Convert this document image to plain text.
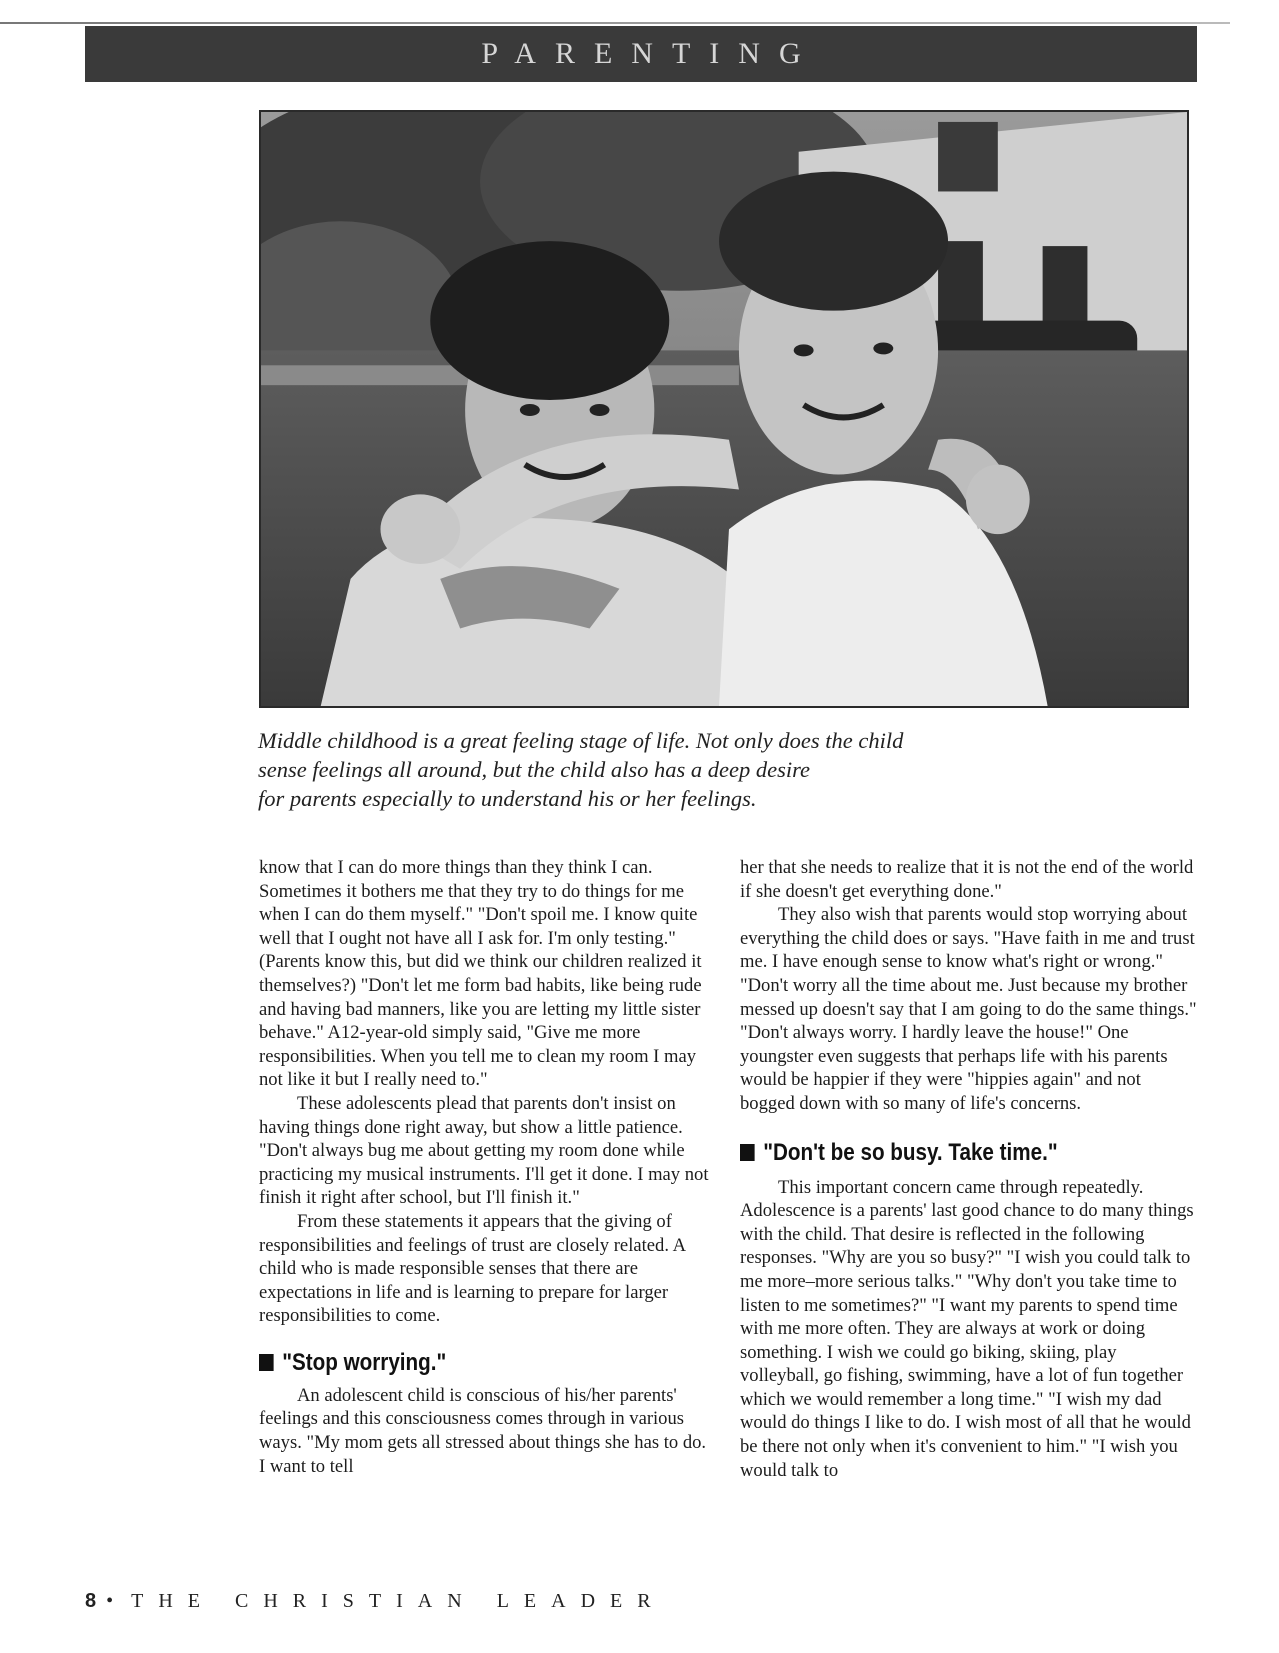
PARENTING
Middle childhood is a great feeling stage of life. Not only does the child
sense feelings all around, but the child also has a deep desire
for parents especially to understand his or her feelings.

know that I can do more things than they think I can. Sometimes it bothers me that they try to do things for me when I can do them myself." "Don't spoil me. I know quite well that I ought not have all I ask for. I'm only testing." (Parents know this, but did we think our children realized it themselves?) "Don't let me form bad habits, like being rude and having bad manners, like you are letting my little sister behave." A12-year-old simply said, "Give me more responsibilities. When you tell me to clean my room I may not like it but I really need to."

These adolescents plead that parents don't insist on having things done right away, but show a little patience. "Don't always bug me about getting my room done while practicing my musical instruments. I'll get it done. I may not finish it right after school, but I'll finish it."

From these statements it appears that the giving of responsibilities and feelings of trust are closely related. A child who is made responsible senses that there are expectations in life and is learning to prepare for larger responsibilities to come.

"Stop worrying."

An adolescent child is conscious of his/her parents' feelings and this consciousness comes through in various ways. "My mom gets all stressed about things she has to do. I want to tell

her that she needs to realize that it is not the end of the world if she doesn't get everything done."

They also wish that parents would stop worrying about everything the child does or says. "Have faith in me and trust me. I have enough sense to know what's right or wrong." "Don't worry all the time about me. Just because my brother messed up doesn't say that I am going to do the same things." "Don't always worry. I hardly leave the house!" One youngster even suggests that perhaps life with his parents would be happier if they were "hippies again" and not bogged down with so many of life's concerns.

"Don't be so busy. Take time."

This important concern came through repeatedly. Adolescence is a parents' last good chance to do many things with the child. That desire is reflected in the following responses. "Why are you so busy?" "I wish you could talk to me more–more serious talks." "Why don't you take time to listen to me sometimes?" "I want my parents to spend time with me more often. They are always at work or doing something. I wish we could go biking, skiing, play volleyball, go fishing, swimming, have a lot of fun together which we would remember a long time." "I wish my dad would do things I like to do. I wish most of all that he would be there not only when it's convenient to him." "I wish you would talk to

8 • THE CHRISTIAN LEADER
